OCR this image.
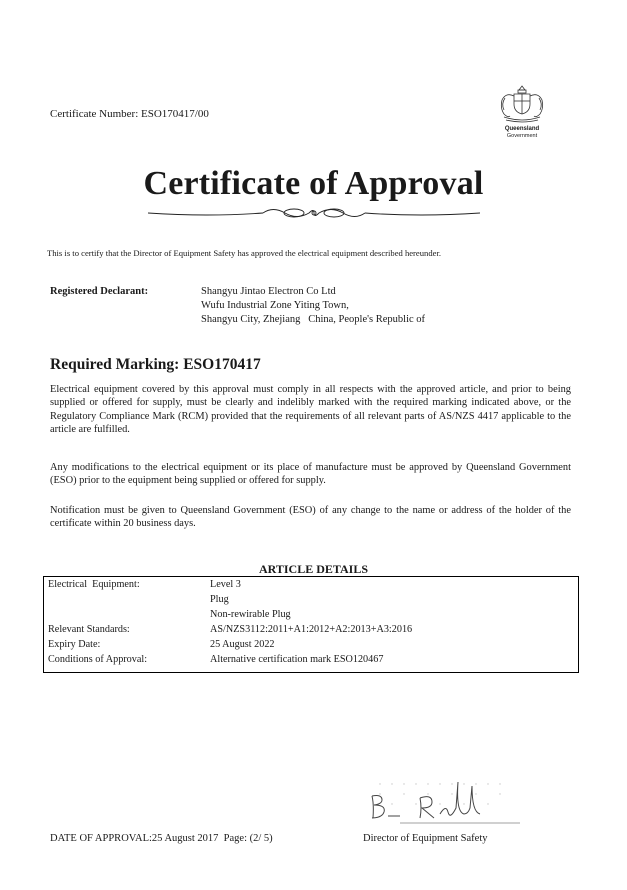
Certificate Number: ESO170417/00
Queensland
Government
Certificate of Approval
This is to certify that the Director of Equipment Safety has approved the electrical equipment described hereunder.
Registered Declarant:	Shangyu Jintao Electron Co Ltd
Wufu Industrial Zone Yiting Town,
Shangyu City, Zhejiang   China, People's Republic of
Required Marking: ESO170417
Electrical equipment covered by this approval must comply in all respects with the approved article, and prior to being supplied or offered for supply, must be clearly and indelibly marked with the required marking indicated above, or the Regulatory Compliance Mark (RCM) provided that the requirements of all relevant parts of AS/NZS 4417 applicable to the article are fulfilled.
Any modifications to the electrical equipment or its place of manufacture must be approved by Queensland Government (ESO) prior to the equipment being supplied or offered for supply.
Notification must be given to Queensland Government (ESO) of any change to the name or address of the holder of the certificate within 20 business days.
ARTICLE DETAILS
Electrical  Equipment:	Level 3
Plug
Non-rewirable Plug
Relevant Standards:	AS/NZS3112:2011+A1:2012+A2:2013+A3:2016
Expiry Date:	25 August 2022
Conditions of Approval:	Alternative certification mark ESO120467
DATE OF APPROVAL:25 August 2017  Page: (2/ 5)	Director of Equipment Safety
